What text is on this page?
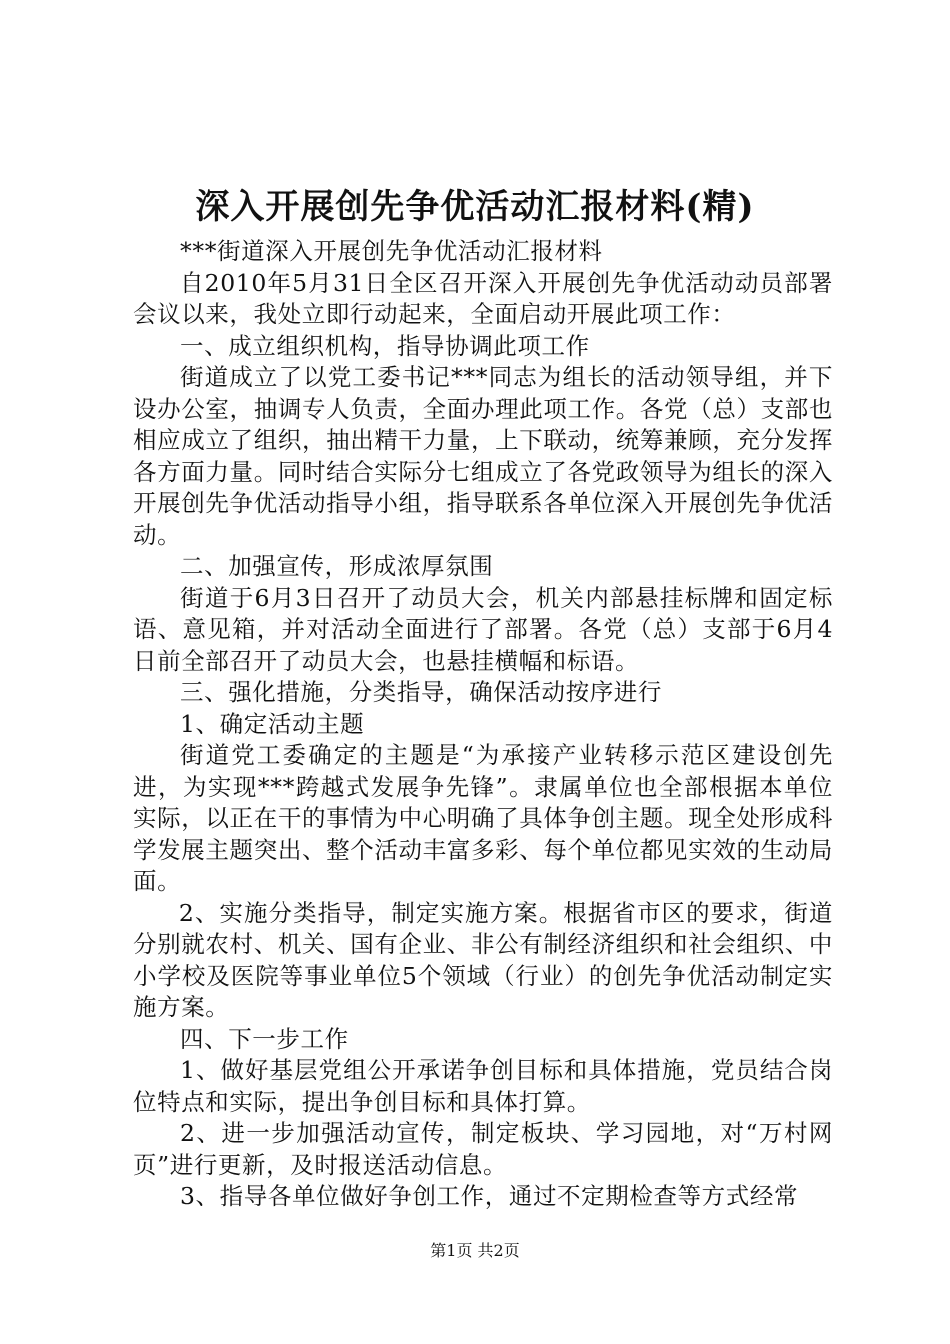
深入开展创先争优活动汇报材料(精)

***街道深入开展创先争优活动汇报材料

自2010年5月31日全区召开深入开展创先争优活动动员部署会议以来，我处立即行动起来，全面启动开展此项工作：

一、成立组织机构，指导协调此项工作

街道成立了以党工委书记***同志为组长的活动领导组，并下设办公室，抽调专人负责，全面办理此项工作。各党（总）支部也相应成立了组织，抽出精干力量，上下联动，统筹兼顾，充分发挥各方面力量。同时结合实际分七组成立了各党政领导为组长的深入开展创先争优活动指导小组，指导联系各单位深入开展创先争优活动。

二、加强宣传，形成浓厚氛围

街道于6月3日召开了动员大会，机关内部悬挂标牌和固定标语、意见箱，并对活动全面进行了部署。各党（总）支部于6月4日前全部召开了动员大会，也悬挂横幅和标语。

三、强化措施，分类指导，确保活动按序进行

1、确定活动主题

街道党工委确定的主题是“为承接产业转移示范区建设创先进，为实现***跨越式发展争先锋”。隶属单位也全部根据本单位实际，以正在干的事情为中心明确了具体争创主题。现全处形成科学发展主题突出、整个活动丰富多彩、每个单位都见实效的生动局面。

2、实施分类指导，制定实施方案。根据省市区的要求，街道分别就农村、机关、国有企业、非公有制经济组织和社会组织、中小学校及医院等事业单位5个领域（行业）的创先争优活动制定实施方案。

四、下一步工作

1、做好基层党组公开承诺争创目标和具体措施，党员结合岗位特点和实际，提出争创目标和具体打算。

2、进一步加强活动宣传，制定板块、学习园地，对“万村网页”进行更新，及时报送活动信息。

3、指导各单位做好争创工作，通过不定期检查等方式经常

第1页 共2页
